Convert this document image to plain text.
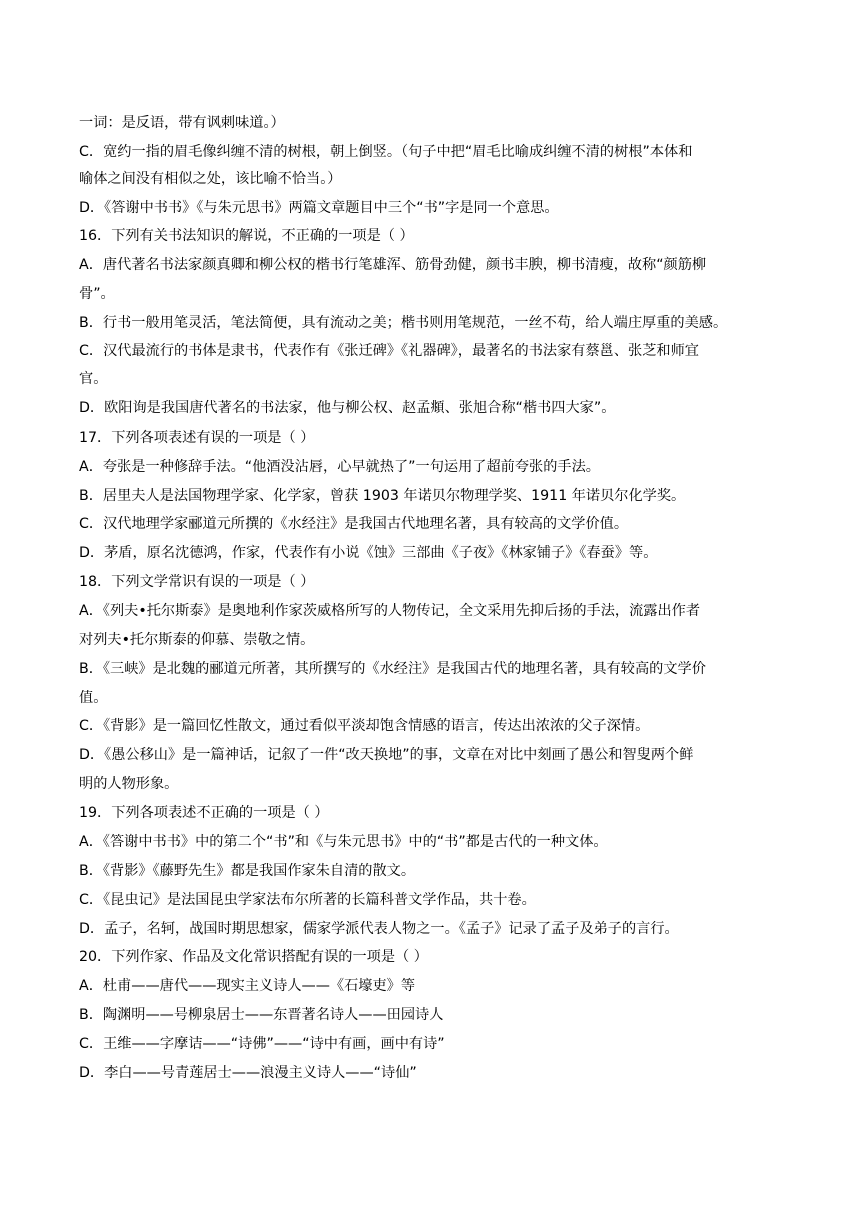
一词：是反语，带有讽刺味道。）
C．宽约一指的眉毛像纠缠不清的树根，朝上倒竖。（句子中把“眉毛比喻成纠缠不清的树根”本体和
喻体之间没有相似之处，该比喻不恰当。）
D．《答谢中书书》《与朱元思书》两篇文章题目中三个“书”字是同一个意思。
16．下列有关书法知识的解说，不正确的一项是（ ）
A．唐代著名书法家颜真卿和柳公权的楷书行笔雄浑、筋骨劲健，颜书丰腴，柳书清瘦，故称“颜筋柳
骨”。
B．行书一般用笔灵活，笔法简便，具有流动之美；楷书则用笔规范，一丝不苟，给人端庄厚重的美感。
C．汉代最流行的书体是隶书，代表作有《张迁碑》《礼器碑》，最著名的书法家有蔡邕、张芝和师宜
官。
D．欧阳询是我国唐代著名的书法家，他与柳公权、赵孟頫、张旭合称“楷书四大家”。
17．下列各项表述有误的一项是（ ）
A．夸张是一种修辞手法。“他酒没沾唇，心早就热了”一句运用了超前夸张的手法。
B．居里夫人是法国物理学家、化学家，曾获 1903 年诺贝尔物理学奖、1911 年诺贝尔化学奖。
C．汉代地理学家郦道元所撰的《水经注》是我国古代地理名著，具有较高的文学价值。
D．茅盾，原名沈德鸿，作家，代表作有小说《蚀》三部曲《子夜》《林家铺子》《春蚕》等。
18．下列文学常识有误的一项是（ ）
A．《列夫•托尔斯泰》是奥地利作家茨威格所写的人物传记，全文采用先抑后扬的手法，流露出作者
对列夫•托尔斯泰的仰慕、崇敬之情。
B．《三峡》是北魏的郦道元所著，其所撰写的《水经注》是我国古代的地理名著，具有较高的文学价
值。
C．《背影》是一篇回忆性散文，通过看似平淡却饱含情感的语言，传达出浓浓的父子深情。
D．《愚公移山》是一篇神话，记叙了一件“改天换地”的事，文章在对比中刻画了愚公和智叟两个鲜
明的人物形象。
19．下列各项表述不正确的一项是（ ）
A．《答谢中书书》中的第二个“书”和《与朱元思书》中的“书”都是古代的一种文体。
B．《背影》《藤野先生》都是我国作家朱自清的散文。
C．《昆虫记》是法国昆虫学家法布尔所著的长篇科普文学作品，共十卷。
D．孟子，名轲，战国时期思想家，儒家学派代表人物之一。《孟子》记录了孟子及弟子的言行。
20．下列作家、作品及文化常识搭配有误 · ·的一项是（ ）
A．杜甫——唐代——现实主义诗人——《石壕吏》等
B．陶渊明——号柳泉居士——东晋著名诗人——田园诗人
C．王维——字摩诘——“诗佛”——“诗中有画，画中有诗”
D．李白——号青莲居士——浪漫主义诗人——“诗仙”
